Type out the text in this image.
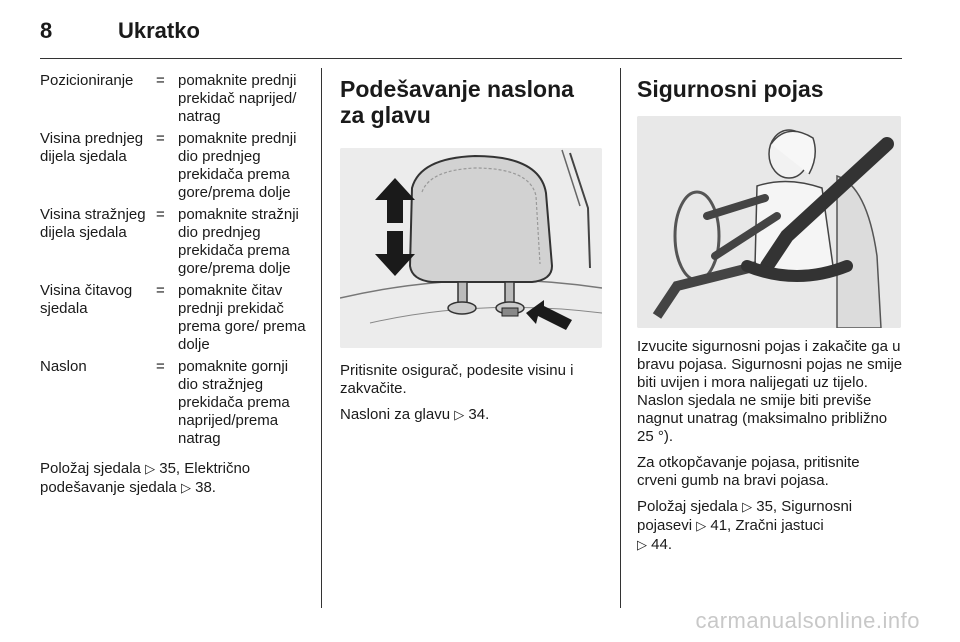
8	Ukratko
Pozicioniranje	= pomaknite prednji prekidač naprijed/ natrag
Visina prednjeg dijela sjedala
= pomaknite prednji dio prednjeg prekidača prema gore/prema dolje
Visina stražnjeg dijela sjedala
= pomaknite stražnji dio prednjeg prekidača prema gore/prema dolje
Visina čitavog sjedala
= pomaknite čitav prednji prekidač prema gore/ prema dolje
Naslon	= pomaknite gornji dio stražnjeg prekidača prema naprijed/prema natrag

Položaj sjedala ▷ 35, Električno
podešavanje sjedala ▷ 38.

Podešavanje naslona za glavu

Pritisnite osigurač, podesite visinu i zakvačite.

Nasloni za glavu ▷ 34.

Sigurnosni pojas

Izvucite sigurnosni pojas i zakačite ga u bravu pojasa. Sigurnosni pojas ne smije biti uvijen i mora nalijegati uz tijelo. Naslon sjedala ne smije biti previše nagnut unatrag (maksimalno približno 25 °).

Za otkopčavanje pojasa, pritisnite crveni gumb na bravi pojasa.

Položaj sjedala ▷ 35, Sigurnosni
pojasevi ▷ 41, Zračni jastuci
▷ 44.

carmanualsonline.info
